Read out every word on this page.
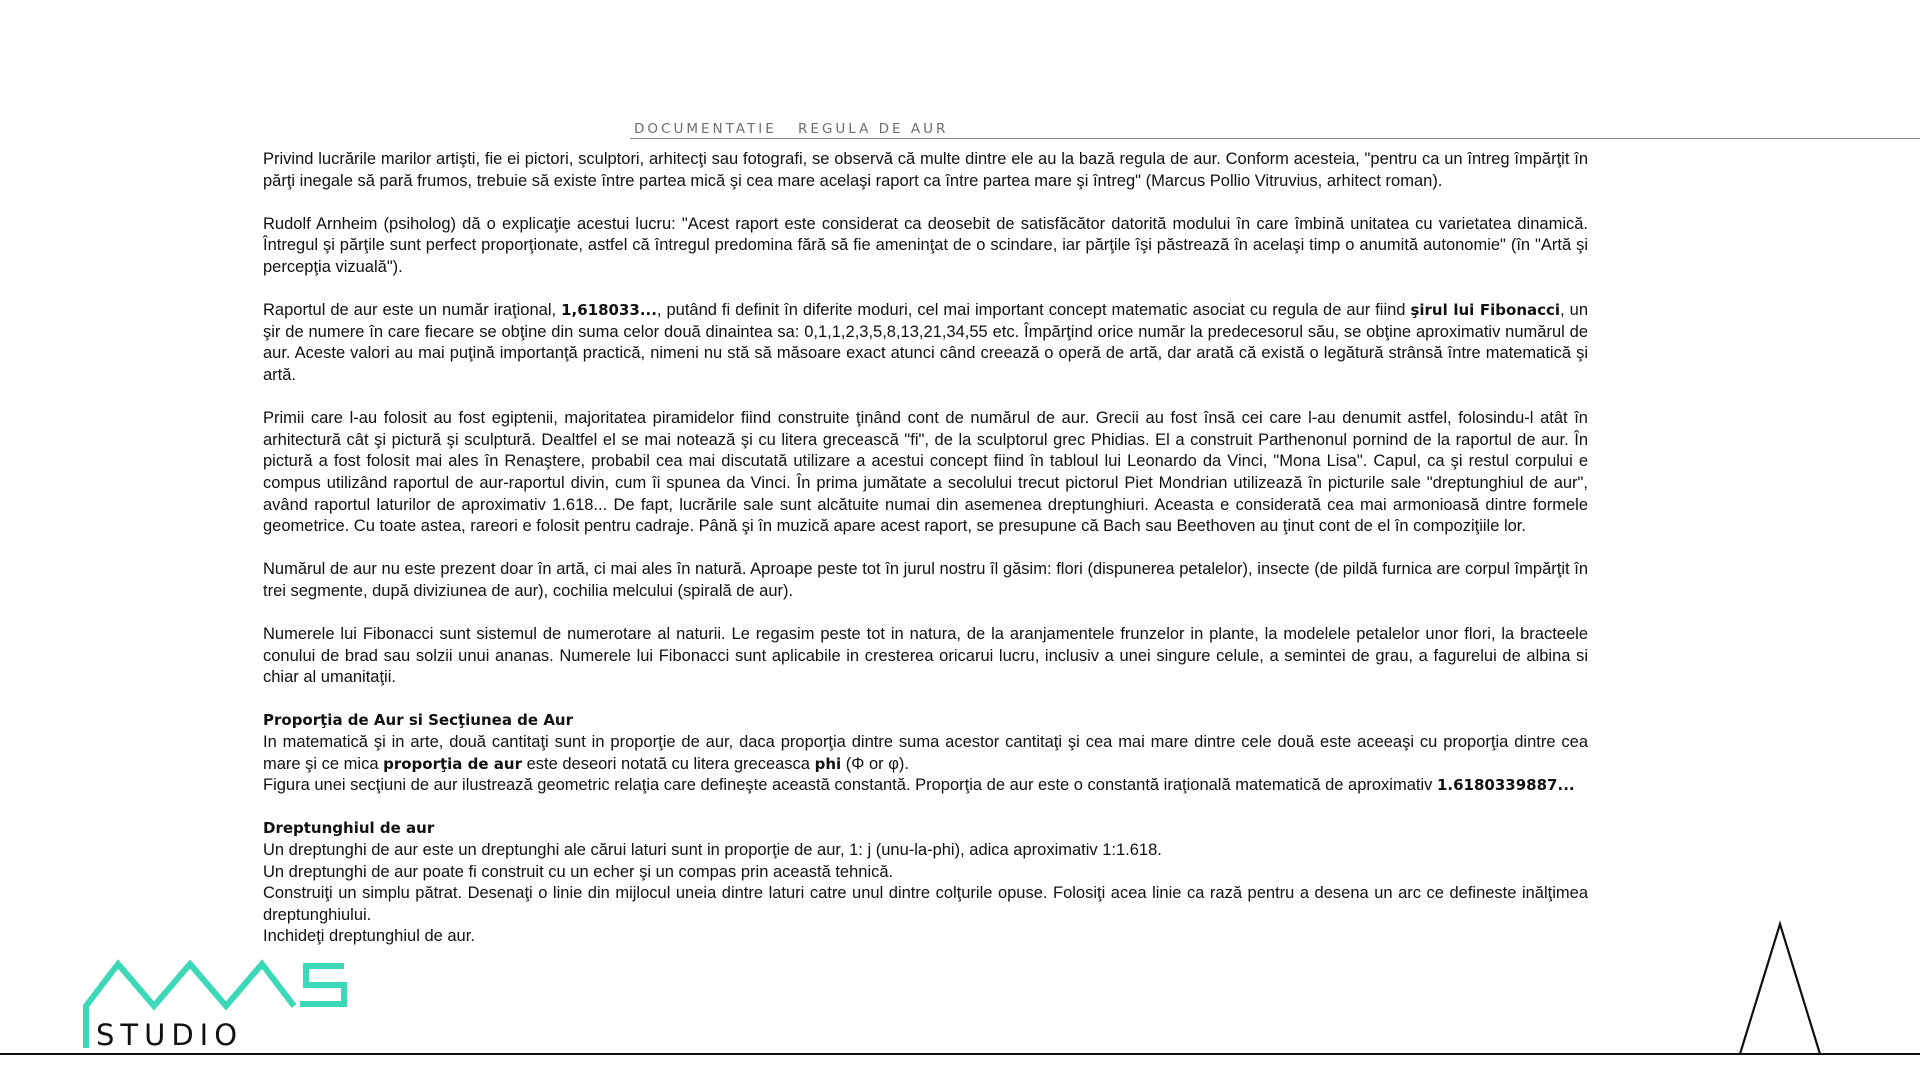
DOCUMENTATIE REGULA DE AUR

Privind lucrările marilor artişti, fie ei pictori, sculptori, arhitecţi sau fotografi, se observă că multe dintre ele au la bază regula de aur. Conform acesteia, "pentru ca un întreg împărţit în părţi inegale să pară frumos, trebuie să existe între partea mică şi cea mare acelaşi raport ca între partea mare şi întreg" (Marcus Pollio Vitruvius, arhitect roman).

Rudolf Arnheim (psiholog) dă o explicaţie acestui lucru: "Acest raport este considerat ca deosebit de satisfăcător datorită modului în care îmbină unitatea cu varietatea dinamică. Întregul şi părţile sunt perfect proporţionate, astfel că întregul predomina fără să fie ameninţat de o scindare, iar părţile îşi păstrează în acelaşi timp o anumită autonomie" (în "Artă şi percepţia vizuală").

Raportul de aur este un număr iraţional, 1,618033..., putând fi definit în diferite moduri, cel mai important concept matematic asociat cu regula de aur fiind şirul lui Fibonacci, un şir de numere în care fiecare se obţine din suma celor două dinaintea sa: 0,1,1,2,3,5,8,13,21,34,55 etc. Împărţind orice număr la predecesorul său, se obţine aproximativ numărul de aur. Aceste valori au mai puţină importanţă practică, nimeni nu stă să măsoare exact atunci când creează o operă de artă, dar arată că există o legătură strânsă între matematică şi artă.

Primii care l-au folosit au fost egiptenii, majoritatea piramidelor fiind construite ţinând cont de numărul de aur. Grecii au fost însă cei care l-au denumit astfel, folosindu-l atât în arhitectură cât şi pictură şi sculptură. Dealtfel el se mai notează şi cu litera grecească "fi", de la sculptorul grec Phidias. El a construit Parthenonul pornind de la raportul de aur. În pictură a fost folosit mai ales în Renaştere, probabil cea mai discutată utilizare a acestui concept fiind în tabloul lui Leonardo da Vinci, "Mona Lisa". Capul, ca şi restul corpului e compus utilizând raportul de aur-raportul divin, cum îi spunea da Vinci. În prima jumătate a secolului trecut pictorul Piet Mondrian utilizează în picturile sale "dreptunghiul de aur", având raportul laturilor de aproximativ 1.618... De fapt, lucrările sale sunt alcătuite numai din asemenea dreptunghiuri. Aceasta e considerată cea mai armonioasă dintre formele geometrice. Cu toate astea, rareori e folosit pentru cadraje. Până şi în muzică apare acest raport, se presupune că Bach sau Beethoven au ţinut cont de el în compoziţiile lor.

Numărul de aur nu este prezent doar în artă, ci mai ales în natură. Aproape peste tot în jurul nostru îl găsim: flori (dispunerea petalelor), insecte (de pildă furnica are corpul împărţit în trei segmente, după diviziunea de aur), cochilia melcului (spirală de aur).

Numerele lui Fibonacci sunt sistemul de numerotare al naturii. Le regasim peste tot in natura, de la aranjamentele frunzelor in plante, la modelele petalelor unor flori, la bracteele conului de brad sau solzii unui ananas. Numerele lui Fibonacci sunt aplicabile in cresterea oricarui lucru, inclusiv a unei singure celule, a semintei de grau, a fagurelui de albina si chiar al umanitaţii.

Proporţia de Aur si Secţiunea de Aur
In matematică şi in arte, două cantitaţi sunt in proporţie de aur, daca proporţia dintre suma acestor cantitaţi şi cea mai mare dintre cele două este aceeaşi cu proporţia dintre cea mare şi ce mica proporţia de aur este deseori notată cu litera greceasca phi (Φ or φ).
Figura unei secţiuni de aur ilustrează geometric relaţia care defineşte această constantă. Proporţia de aur este o constantă iraţională matematică de aproximativ 1.6180339887...

Dreptunghiul de aur
Un dreptunghi de aur este un dreptunghi ale cărui laturi sunt in proporţie de aur, 1: j (unu-la-phi), adica aproximativ 1:1.618.
Un dreptunghi de aur poate fi construit cu un echer şi un compas prin această tehnică.
Construiţi un simplu pătrat. Desenaţi o linie din mijlocul uneia dintre laturi catre unul dintre colţurile opuse. Folosiţi acea linie ca rază pentru a desena un arc ce defineste inălţimea dreptunghiului.
Inchideţi dreptunghiul de aur.

STUDIO
